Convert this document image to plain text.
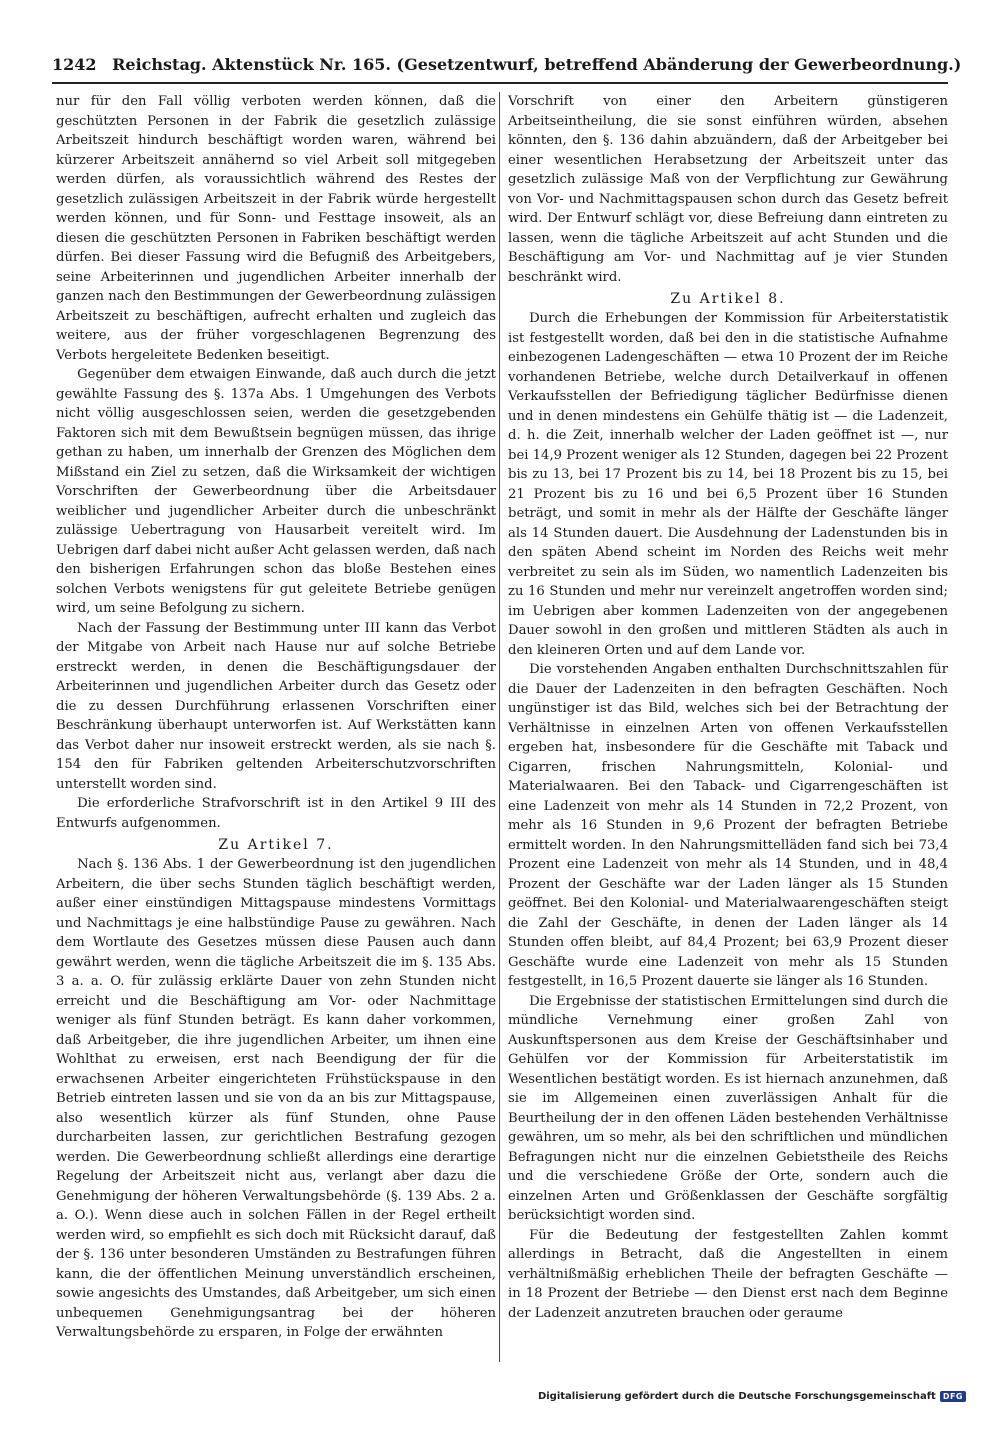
1242 Reichstag. Aktenstück Nr. 165. (Gesetzentwurf, betreffend Abänderung der Gewerbeordnung.)

nur für den Fall völlig verboten werden können, daß die geschützten Personen in der Fabrik die gesetzlich zulässige Arbeitszeit hindurch beschäftigt worden waren, während bei kürzerer Arbeitszeit annähernd so viel Arbeit soll mitgegeben werden dürfen, als voraussichtlich während des Restes der gesetzlich zulässigen Arbeitszeit in der Fabrik würde hergestellt werden können, und für Sonn- und Festtage insoweit, als an diesen die geschützten Personen in Fabriken beschäftigt werden dürfen. Bei dieser Fassung wird die Befugniß des Arbeitgebers, seine Arbeiterinnen und jugendlichen Arbeiter innerhalb der ganzen nach den Bestimmungen der Gewerbeordnung zulässigen Arbeitszeit zu beschäftigen, aufrecht erhalten und zugleich das weitere, aus der früher vorgeschlagenen Begrenzung des Verbots hergeleitete Bedenken beseitigt.

Gegenüber dem etwaigen Einwande, daß auch durch die jetzt gewählte Fassung des §. 137a Abs. 1 Umgehungen des Verbots nicht völlig ausgeschlossen seien, werden die gesetzgebenden Faktoren sich mit dem Bewußtsein begnügen müssen, das ihrige gethan zu haben, um innerhalb der Grenzen des Möglichen dem Mißstand ein Ziel zu setzen, daß die Wirksamkeit der wichtigen Vorschriften der Gewerbeordnung über die Arbeitsdauer weiblicher und jugendlicher Arbeiter durch die unbeschränkt zulässige Uebertragung von Hausarbeit vereitelt wird. Im Uebrigen darf dabei nicht außer Acht gelassen werden, daß nach den bisherigen Erfahrungen schon das bloße Bestehen eines solchen Verbots wenigstens für gut geleitete Betriebe genügen wird, um seine Befolgung zu sichern.

Nach der Fassung der Bestimmung unter III kann das Verbot der Mitgabe von Arbeit nach Hause nur auf solche Betriebe erstreckt werden, in denen die Beschäftigungsdauer der Arbeiterinnen und jugendlichen Arbeiter durch das Gesetz oder die zu dessen Durchführung erlassenen Vorschriften einer Beschränkung überhaupt unterworfen ist. Auf Werkstätten kann das Verbot daher nur insoweit erstreckt werden, als sie nach §. 154 den für Fabriken geltenden Arbeiterschutzvorschriften unterstellt worden sind.

Die erforderliche Strafvorschrift ist in den Artikel 9 III des Entwurfs aufgenommen.

Zu Artikel 7.

Nach §. 136 Abs. 1 der Gewerbeordnung ist den jugendlichen Arbeitern, die über sechs Stunden täglich beschäftigt werden, außer einer einstündigen Mittagspause mindestens Vormittags und Nachmittags je eine halbstündige Pause zu gewähren. Nach dem Wortlaute des Gesetzes müssen diese Pausen auch dann gewährt werden, wenn die tägliche Arbeitszeit die im §. 135 Abs. 3 a. a. O. für zulässig erklärte Dauer von zehn Stunden nicht erreicht und die Beschäftigung am Vor- oder Nachmittage weniger als fünf Stunden beträgt. Es kann daher vorkommen, daß Arbeitgeber, die ihre jugendlichen Arbeiter, um ihnen eine Wohlthat zu erweisen, erst nach Beendigung der für die erwachsenen Arbeiter eingerichteten Frühstückspause in den Betrieb eintreten lassen und sie von da an bis zur Mittagspause, also wesentlich kürzer als fünf Stunden, ohne Pause durcharbeiten lassen, zur gerichtlichen Bestrafung gezogen werden. Die Gewerbeordnung schließt allerdings eine derartige Regelung der Arbeitszeit nicht aus, verlangt aber dazu die Genehmigung der höheren Verwaltungsbehörde (§. 139 Abs. 2 a. a. O.). Wenn diese auch in solchen Fällen in der Regel ertheilt werden wird, so empfiehlt es sich doch mit Rücksicht darauf, daß der §. 136 unter besonderen Umständen zu Bestrafungen führen kann, die der öffentlichen Meinung unverständlich erscheinen, sowie angesichts des Umstandes, daß Arbeitgeber, um sich einen unbequemen Genehmigungsantrag bei der höheren Verwaltungsbehörde zu ersparen, in Folge der erwähnten

Vorschrift von einer den Arbeitern günstigeren Arbeitseintheilung, die sie sonst einführen würden, absehen könnten, den §. 136 dahin abzuändern, daß der Arbeitgeber bei einer wesentlichen Herabsetzung der Arbeitszeit unter das gesetzlich zulässige Maß von der Verpflichtung zur Gewährung von Vor- und Nachmittagspausen schon durch das Gesetz befreit wird. Der Entwurf schlägt vor, diese Befreiung dann eintreten zu lassen, wenn die tägliche Arbeitszeit auf acht Stunden und die Beschäftigung am Vor- und Nachmittag auf je vier Stunden beschränkt wird.

Zu Artikel 8.

Durch die Erhebungen der Kommission für Arbeiterstatistik ist festgestellt worden, daß bei den in die statistische Aufnahme einbezogenen Ladengeschäften — etwa 10 Prozent der im Reiche vorhandenen Betriebe, welche durch Detailverkauf in offenen Verkaufsstellen der Befriedigung täglicher Bedürfnisse dienen und in denen mindestens ein Gehülfe thätig ist — die Ladenzeit, d. h. die Zeit, innerhalb welcher der Laden geöffnet ist —, nur bei 14,9 Prozent weniger als 12 Stunden, dagegen bei 22 Prozent bis zu 13, bei 17 Prozent bis zu 14, bei 18 Prozent bis zu 15, bei 21 Prozent bis zu 16 und bei 6,5 Prozent über 16 Stunden beträgt, und somit in mehr als der Hälfte der Geschäfte länger als 14 Stunden dauert. Die Ausdehnung der Ladenstunden bis in den späten Abend scheint im Norden des Reichs weit mehr verbreitet zu sein als im Süden, wo namentlich Ladenzeiten bis zu 16 Stunden und mehr nur vereinzelt angetroffen worden sind; im Uebrigen aber kommen Ladenzeiten von der angegebenen Dauer sowohl in den großen und mittleren Städten als auch in den kleineren Orten und auf dem Lande vor.

Die vorstehenden Angaben enthalten Durchschnittszahlen für die Dauer der Ladenzeiten in den befragten Geschäften. Noch ungünstiger ist das Bild, welches sich bei der Betrachtung der Verhältnisse in einzelnen Arten von offenen Verkaufsstellen ergeben hat, insbesondere für die Geschäfte mit Taback und Cigarren, frischen Nahrungsmitteln, Kolonial- und Materialwaaren. Bei den Taback- und Cigarrengeschäften ist eine Ladenzeit von mehr als 14 Stunden in 72,2 Prozent, von mehr als 16 Stunden in 9,6 Prozent der befragten Betriebe ermittelt worden. In den Nahrungsmittelläden fand sich bei 73,4 Prozent eine Ladenzeit von mehr als 14 Stunden, und in 48,4 Prozent der Geschäfte war der Laden länger als 15 Stunden geöffnet. Bei den Kolonial- und Materialwaarengeschäften steigt die Zahl der Geschäfte, in denen der Laden länger als 14 Stunden offen bleibt, auf 84,4 Prozent; bei 63,9 Prozent dieser Geschäfte wurde eine Ladenzeit von mehr als 15 Stunden festgestellt, in 16,5 Prozent dauerte sie länger als 16 Stunden.

Die Ergebnisse der statistischen Ermittelungen sind durch die mündliche Vernehmung einer großen Zahl von Auskunftspersonen aus dem Kreise der Geschäftsinhaber und Gehülfen vor der Kommission für Arbeiterstatistik im Wesentlichen bestätigt worden. Es ist hiernach anzunehmen, daß sie im Allgemeinen einen zuverlässigen Anhalt für die Beurtheilung der in den offenen Läden bestehenden Verhältnisse gewähren, um so mehr, als bei den schriftlichen und mündlichen Befragungen nicht nur die einzelnen Gebietstheile des Reichs und die verschiedene Größe der Orte, sondern auch die einzelnen Arten und Größenklassen der Geschäfte sorgfältig berücksichtigt worden sind.

Für die Bedeutung der festgestellten Zahlen kommt allerdings in Betracht, daß die Angestellten in einem verhältnißmäßig erheblichen Theile der befragten Geschäfte — in 18 Prozent der Betriebe — den Dienst erst nach dem Beginne der Ladenzeit anzutreten brauchen oder geraume

Digitalisierung gefördert durch die Deutsche Forschungsgemeinschaft DFG
